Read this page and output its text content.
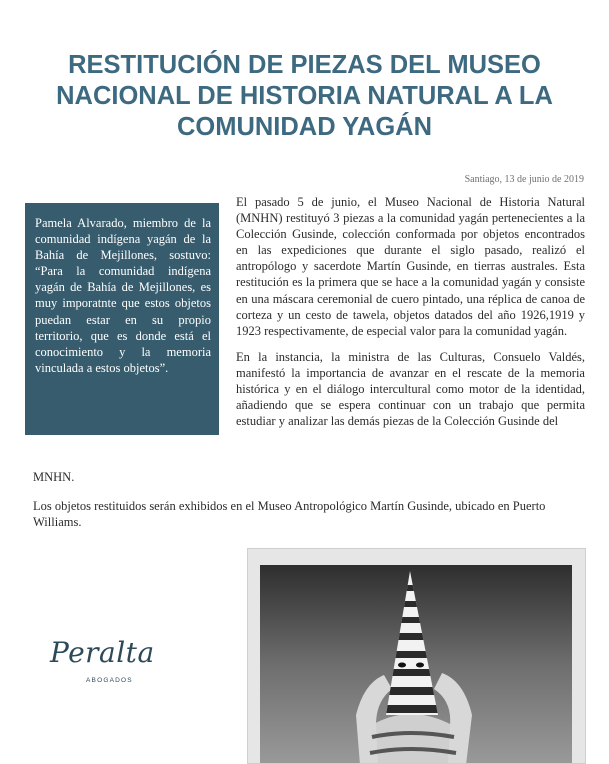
RESTITUCIÓN DE PIEZAS DEL MUSEO
NACIONAL DE HISTORIA NATURAL A LA
COMUNIDAD YAGÁN
Santiago, 13 de junio de 2019
Pamela Alvarado, miembro de la comunidad indígena yagán de la Bahía de Mejillones, sostuvo: “Para la comunidad indígena yagán de Bahía de Mejillones, es muy imporatnte que estos objetos puedan estar en su propio territorio, que es donde está el conocimiento y la memoria vinculada a estos objetos”.

El pasado 5 de junio, el Museo Nacional de Historia Natural (MNHN) restituyó 3 piezas a la comunidad yagán pertenecientes a la Colección Gusinde, colección conformada por objetos encontrados en las expediciones que durante el siglo pasado, realizó el antropólogo y sacerdote Martín Gusinde, en tierras australes. Esta restitución es la primera que se hace a la comunidad yagán y consiste en una máscara ceremonial de cuero pintado, una réplica de canoa de corteza y un cesto de tawela, objetos datados del año 1926,1919 y 1923 respectivamente, de especial valor para la comunidad yagán.

En la instancia, la ministra de las Culturas, Consuelo Valdés, manifestó la importancia de avanzar en el rescate de la memoria histórica y en el diálogo intercultural como motor de la identidad, añadiendo que se espera continuar con un trabajo que permita estudiar y analizar las demás piezas de la Colección Gusinde del

MNHN.
Los objetos restituidos serán exhibidos en el Museo Antropológico Martín Gusinde, ubicado en Puerto Williams.
Peralta
ABOGADOS
